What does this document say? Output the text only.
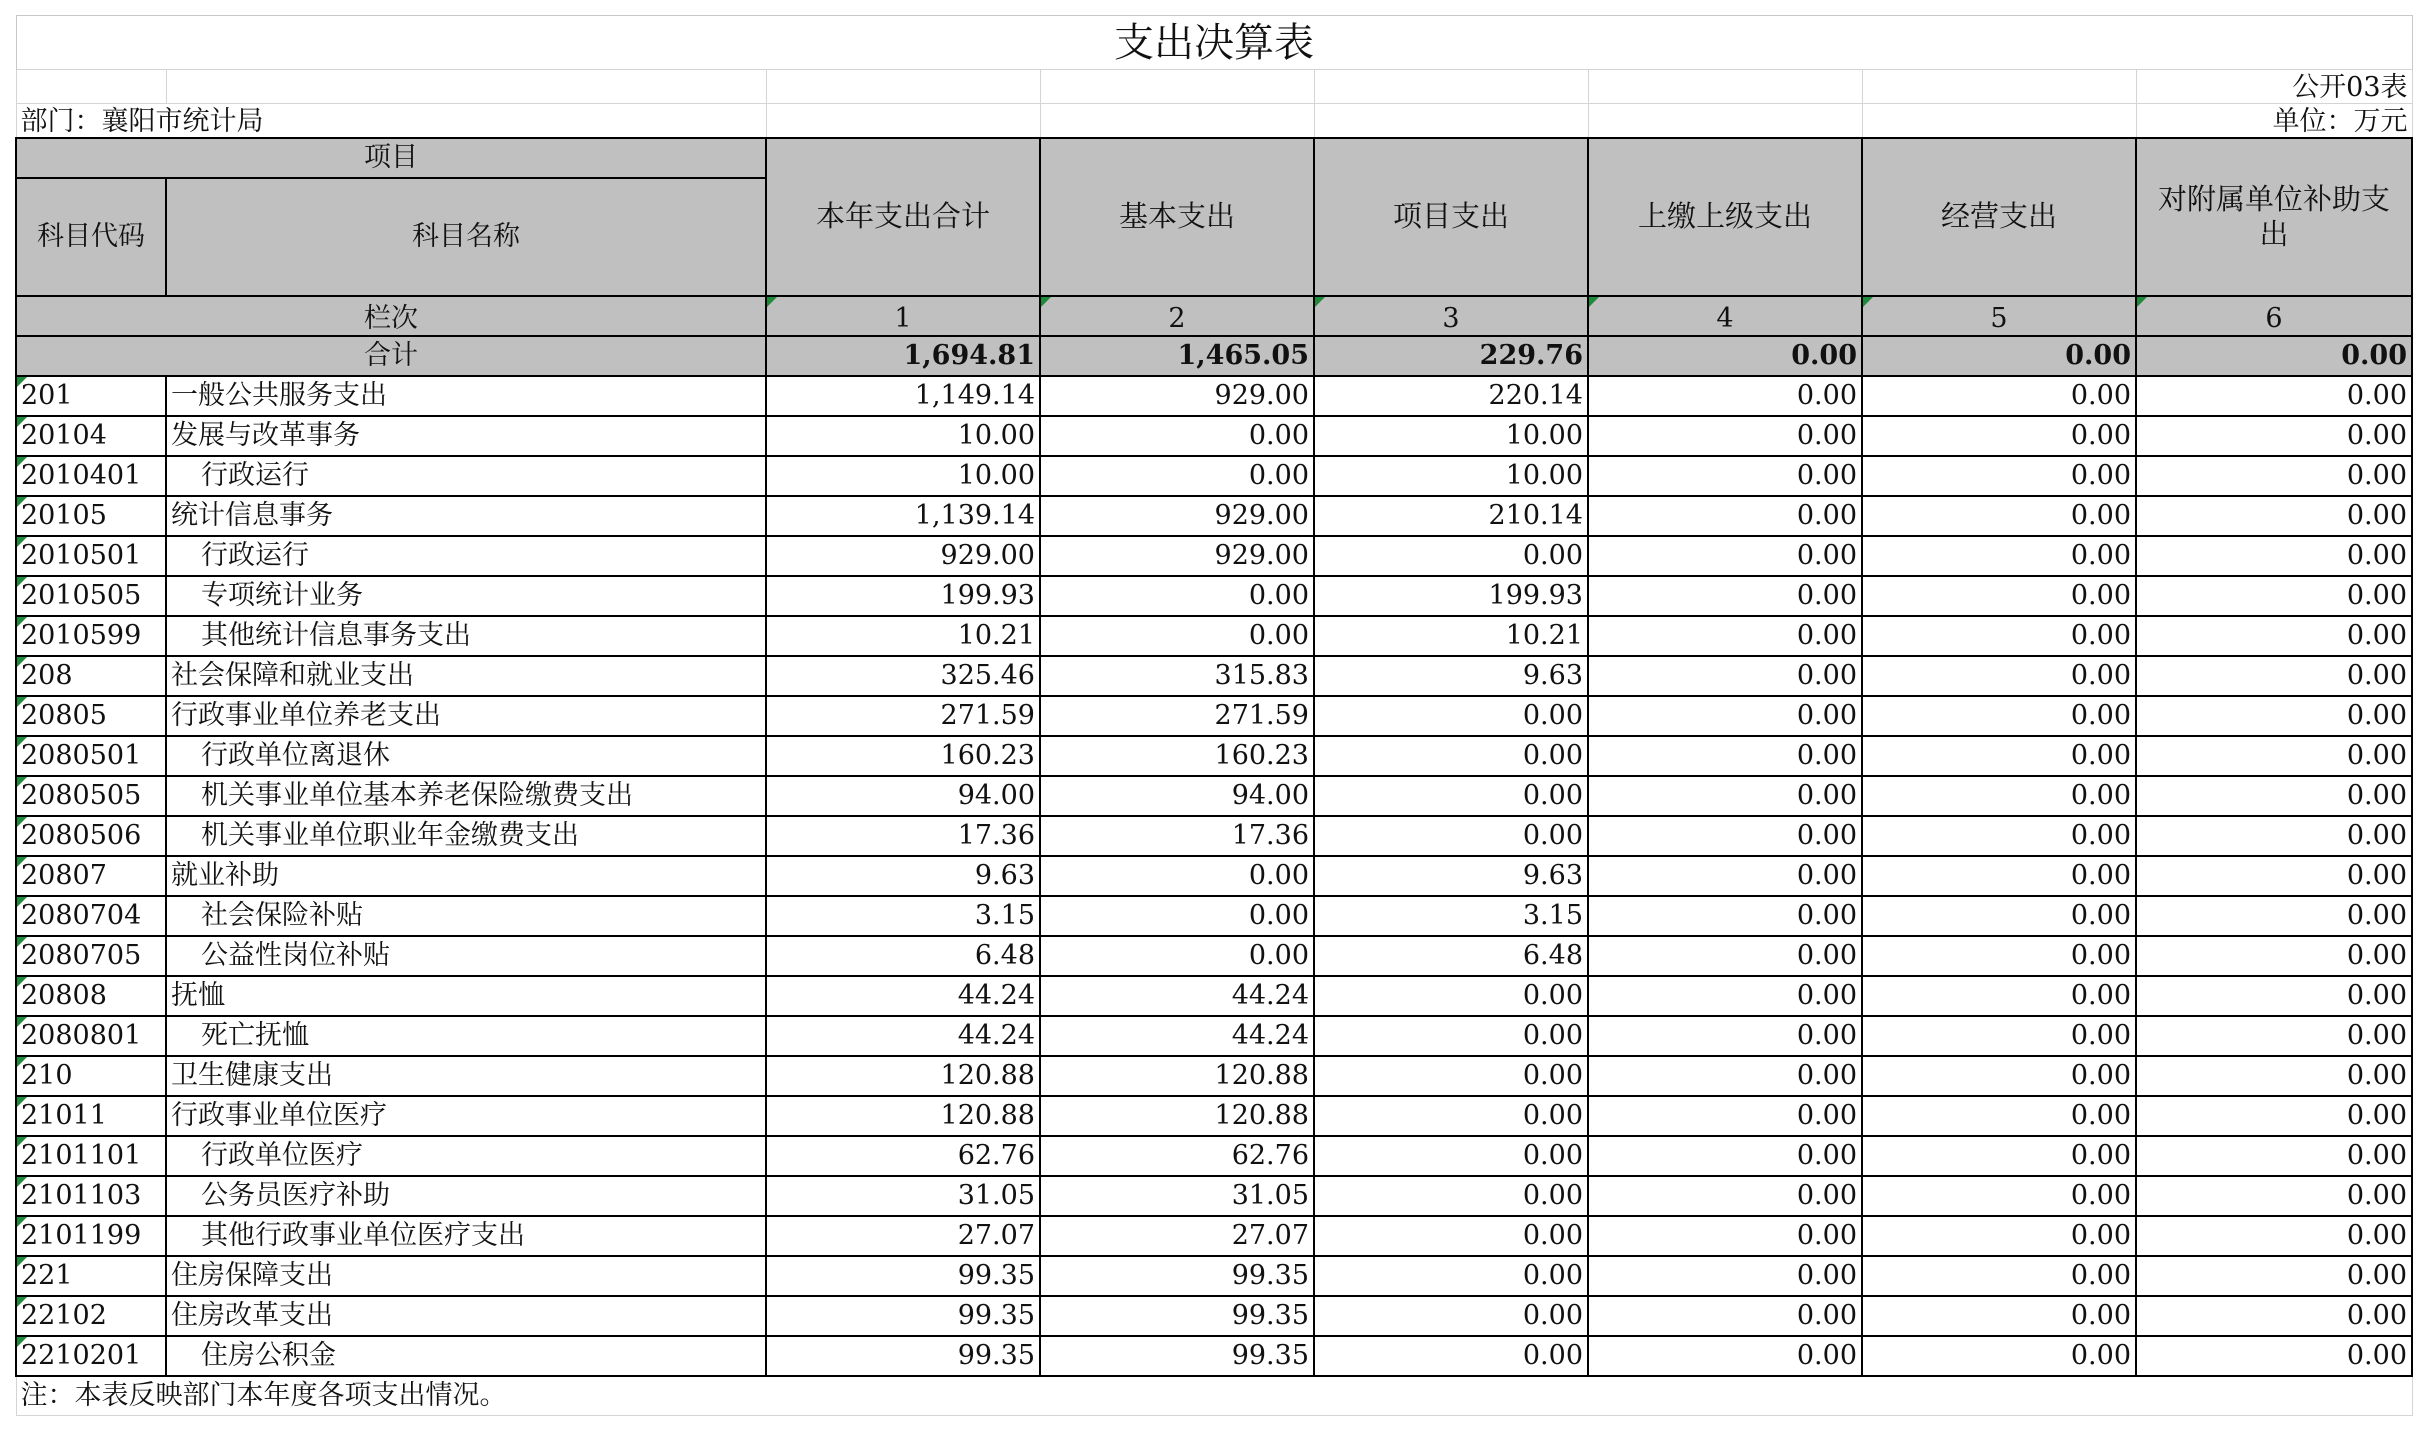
支出决算表							
							公开03表
部门：襄阳市统计局							单位：万元
项目		本年支出合计	基本支出	项目支出	上缴上级支出	经营支出	对附属单位补助支出
科目代码	科目名称						
栏次		1	2	3	4	5	6
合计		1,694.81	1,465.05	229.76	0.00	0.00	0.00

201	一般公共服务支出	1,149.14	929.00	220.14	0.00	0.00	0.00

20104	发展与改革事务	10.00	0.00	10.00	0.00	0.00	0.00

2010401	行政运行	10.00	0.00	10.00	0.00	0.00	0.00

20105	统计信息事务	1,139.14	929.00	210.14	0.00	0.00	0.00

2010501	行政运行	929.00	929.00	0.00	0.00	0.00	0.00

2010505	专项统计业务	199.93	0.00	199.93	0.00	0.00	0.00

2010599	其他统计信息事务支出	10.21	0.00	10.21	0.00	0.00	0.00

208	社会保障和就业支出	325.46	315.83	9.63	0.00	0.00	0.00

20805	行政事业单位养老支出	271.59	271.59	0.00	0.00	0.00	0.00

2080501	行政单位离退休	160.23	160.23	0.00	0.00	0.00	0.00

2080505	机关事业单位基本养老保险缴费支出	94.00	94.00	0.00	0.00	0.00	0.00

2080506	机关事业单位职业年金缴费支出	17.36	17.36	0.00	0.00	0.00	0.00

20807	就业补助	9.63	0.00	9.63	0.00	0.00	0.00

2080704	社会保险补贴	3.15	0.00	3.15	0.00	0.00	0.00

2080705	公益性岗位补贴	6.48	0.00	6.48	0.00	0.00	0.00

20808	抚恤	44.24	44.24	0.00	0.00	0.00	0.00

2080801	死亡抚恤	44.24	44.24	0.00	0.00	0.00	0.00

210	卫生健康支出	120.88	120.88	0.00	0.00	0.00	0.00

21011	行政事业单位医疗	120.88	120.88	0.00	0.00	0.00	0.00

2101101	行政单位医疗	62.76	62.76	0.00	0.00	0.00	0.00

2101103	公务员医疗补助	31.05	31.05	0.00	0.00	0.00	0.00

2101199	其他行政事业单位医疗支出	27.07	27.07	0.00	0.00	0.00	0.00

221	住房保障支出	99.35	99.35	0.00	0.00	0.00	0.00

22102	住房改革支出	99.35	99.35	0.00	0.00	0.00	0.00

2210201	住房公积金	99.35	99.35	0.00	0.00	0.00	0.00
注：本表反映部门本年度各项支出情况。							
